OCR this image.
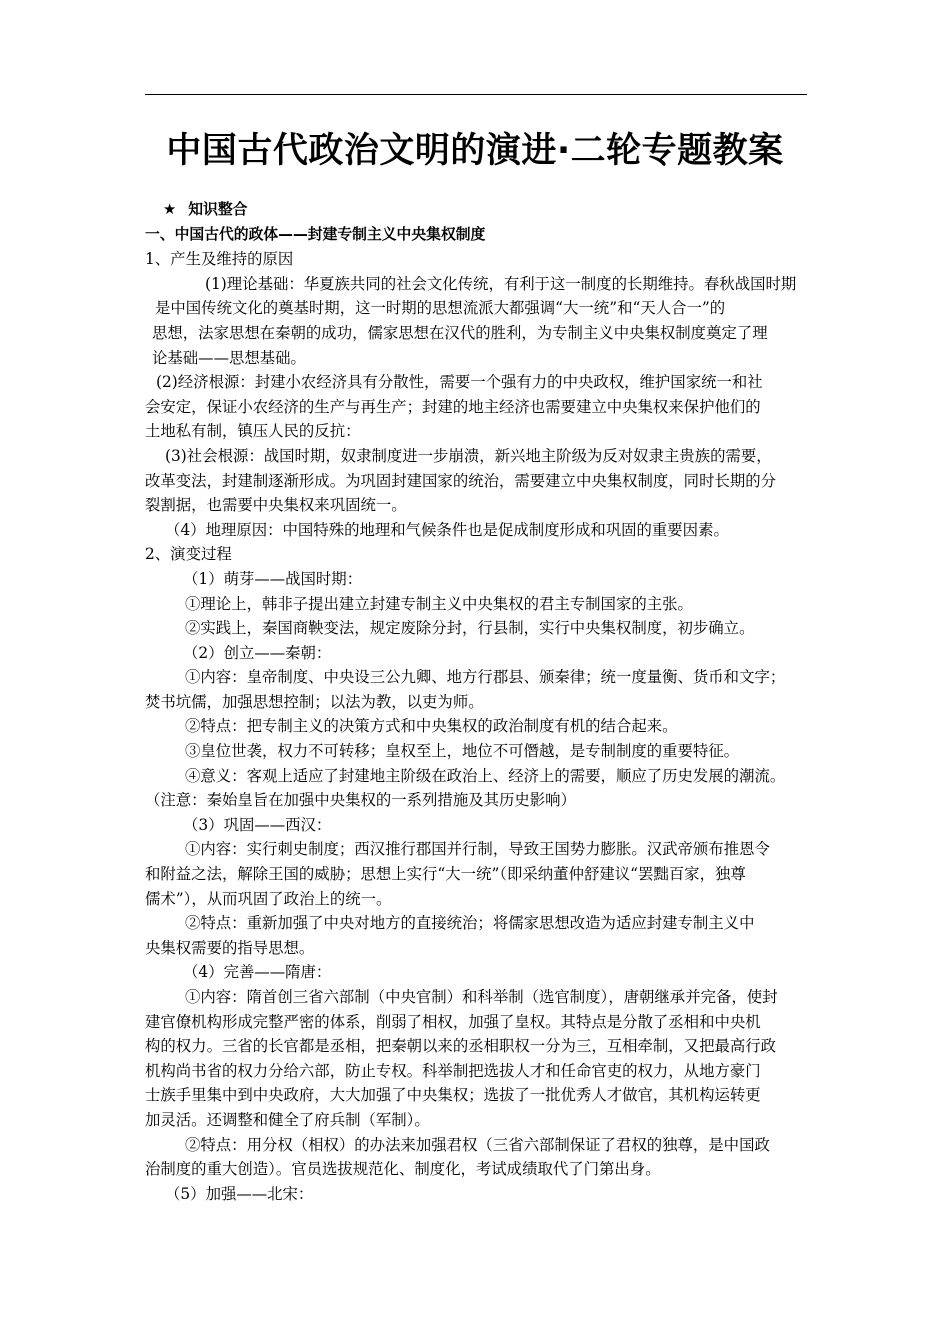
中国古代政治文明的演进·二轮专题教案
★ 知识整合
一、中国古代的政体——封建专制主义中央集权制度
1、产生及维持的原因
(1)理论基础：华夏族共同的社会文化传统，有利于这一制度的长期维持。春秋战国时期
是中国传统文化的奠基时期，这一时期的思想流派大都强调“大一统”和“天人合一”的
思想，法家思想在秦朝的成功，儒家思想在汉代的胜利，为专制主义中央集权制度奠定了理
论基础——思想基础。
(2)经济根源：封建小农经济具有分散性，需要一个强有力的中央政权，维护国家统一和社
会安定，保证小农经济的生产与再生产；封建的地主经济也需要建立中央集权来保护他们的
土地私有制，镇压人民的反抗：
(3)社会根源：战国时期，奴隶制度进一步崩溃，新兴地主阶级为反对奴隶主贵族的需要，
改革变法，封建制逐渐形成。为巩固封建国家的统治，需要建立中央集权制度，同时长期的分
裂割据，也需要中央集权来巩固统一。
（4）地理原因：中国特殊的地理和气候条件也是促成制度形成和巩固的重要因素。
2、演变过程
（1）萌芽——战国时期：
①理论上，韩非子提出建立封建专制主义中央集权的君主专制国家的主张。
②实践上，秦国商鞅变法，规定废除分封，行县制，实行中央集权制度，初步确立。
（2）创立——秦朝：
①内容：皇帝制度、中央设三公九卿、地方行郡县、颁秦律；统一度量衡、货币和文字；
焚书坑儒，加强思想控制；以法为教，以吏为师。
②特点：把专制主义的决策方式和中央集权的政治制度有机的结合起来。
③皇位世袭，权力不可转移；皇权至上，地位不可僭越，是专制制度的重要特征。
④意义：客观上适应了封建地主阶级在政治上、经济上的需要，顺应了历史发展的潮流。
（注意：秦始皇旨在加强中央集权的一系列措施及其历史影响）
（3）巩固——西汉：
①内容：实行刺史制度；西汉推行郡国并行制，导致王国势力膨胀。汉武帝颁布推恩令
和附益之法，解除王国的威胁；思想上实行“大一统”（即采纳董仲舒建议“罢黜百家，独尊
儒术”），从而巩固了政治上的统一。
②特点：重新加强了中央对地方的直接统治；将儒家思想改造为适应封建专制主义中
央集权需要的指导思想。
（4）完善——隋唐：
①内容：隋首创三省六部制（中央官制）和科举制（选官制度），唐朝继承并完备，使封
建官僚机构形成完整严密的体系，削弱了相权，加强了皇权。其特点是分散了丞相和中央机
构的权力。三省的长官都是丞相，把秦朝以来的丞相职权一分为三，互相牵制，又把最高行政
机构尚书省的权力分给六部，防止专权。科举制把选拔人才和任命官吏的权力，从地方豪门
士族手里集中到中央政府，大大加强了中央集权；选拔了一批优秀人才做官，其机构运转更
加灵活。还调整和健全了府兵制（军制）。
②特点：用分权（相权）的办法来加强君权（三省六部制保证了君权的独尊，是中国政
治制度的重大创造）。官员选拔规范化、制度化，考试成绩取代了门第出身。
（5）加强——北宋：
